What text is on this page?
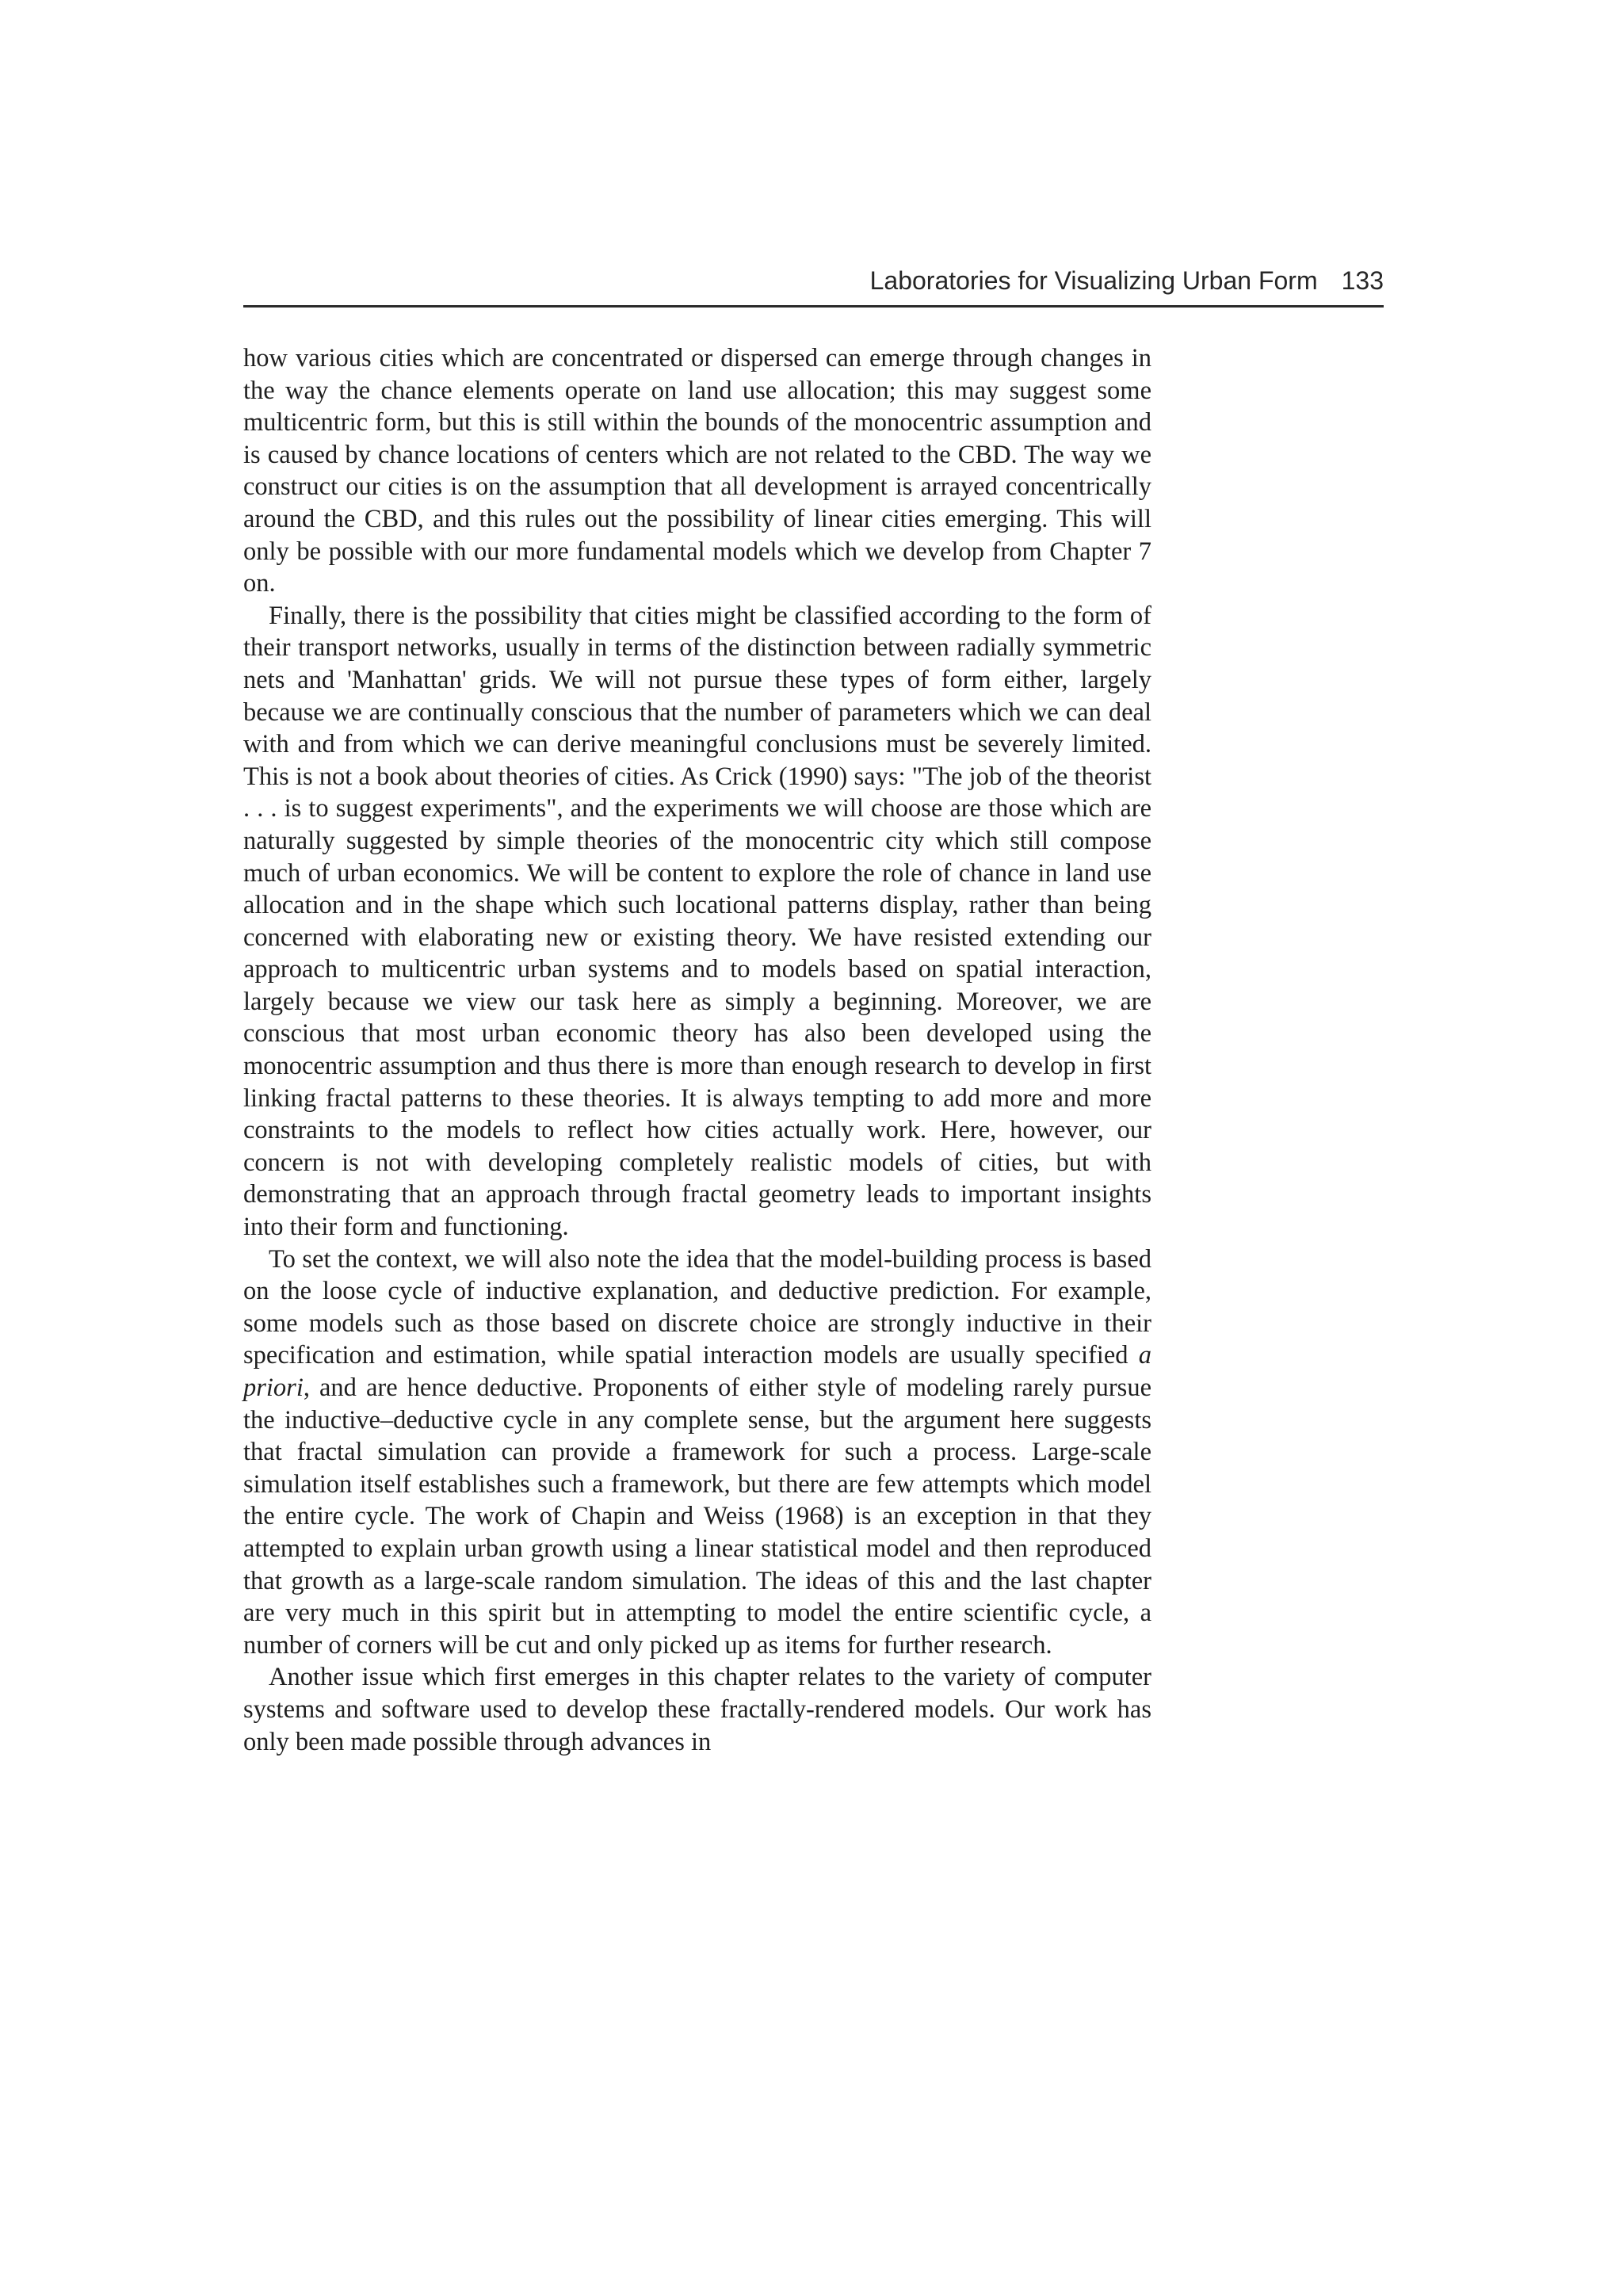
Laboratories for Visualizing Urban Form 133

how various cities which are concentrated or dispersed can emerge through changes in the way the chance elements operate on land use allocation; this may suggest some multicentric form, but this is still within the bounds of the monocentric assumption and is caused by chance locations of centers which are not related to the CBD. The way we construct our cities is on the assumption that all development is arrayed concentrically around the CBD, and this rules out the possibility of linear cities emerging. This will only be possible with our more fundamental models which we develop from Chapter 7 on.

Finally, there is the possibility that cities might be classified according to the form of their transport networks, usually in terms of the distinction between radially symmetric nets and 'Manhattan' grids. We will not pursue these types of form either, largely because we are continually conscious that the number of parameters which we can deal with and from which we can derive meaningful conclusions must be severely limited. This is not a book about theories of cities. As Crick (1990) says: "The job of the theorist . . . is to suggest experiments", and the experiments we will choose are those which are naturally suggested by simple theories of the monocentric city which still compose much of urban economics. We will be content to explore the role of chance in land use allocation and in the shape which such locational patterns display, rather than being concerned with elaborating new or existing theory. We have resisted extending our approach to multicentric urban systems and to models based on spatial interaction, largely because we view our task here as simply a beginning. Moreover, we are conscious that most urban economic theory has also been developed using the monocentric assumption and thus there is more than enough research to develop in first linking fractal patterns to these theories. It is always tempting to add more and more constraints to the models to reflect how cities actually work. Here, however, our concern is not with developing completely realistic models of cities, but with demonstrating that an approach through fractal geometry leads to important insights into their form and functioning.

To set the context, we will also note the idea that the model-building process is based on the loose cycle of inductive explanation, and deductive prediction. For example, some models such as those based on discrete choice are strongly inductive in their specification and estimation, while spatial interaction models are usually specified a priori, and are hence deductive. Proponents of either style of modeling rarely pursue the inductive–deductive cycle in any complete sense, but the argument here suggests that fractal simulation can provide a framework for such a process. Large-scale simulation itself establishes such a framework, but there are few attempts which model the entire cycle. The work of Chapin and Weiss (1968) is an exception in that they attempted to explain urban growth using a linear statistical model and then reproduced that growth as a large-scale random simulation. The ideas of this and the last chapter are very much in this spirit but in attempting to model the entire scientific cycle, a number of corners will be cut and only picked up as items for further research.

Another issue which first emerges in this chapter relates to the variety of computer systems and software used to develop these fractally-rendered models. Our work has only been made possible through advances in
